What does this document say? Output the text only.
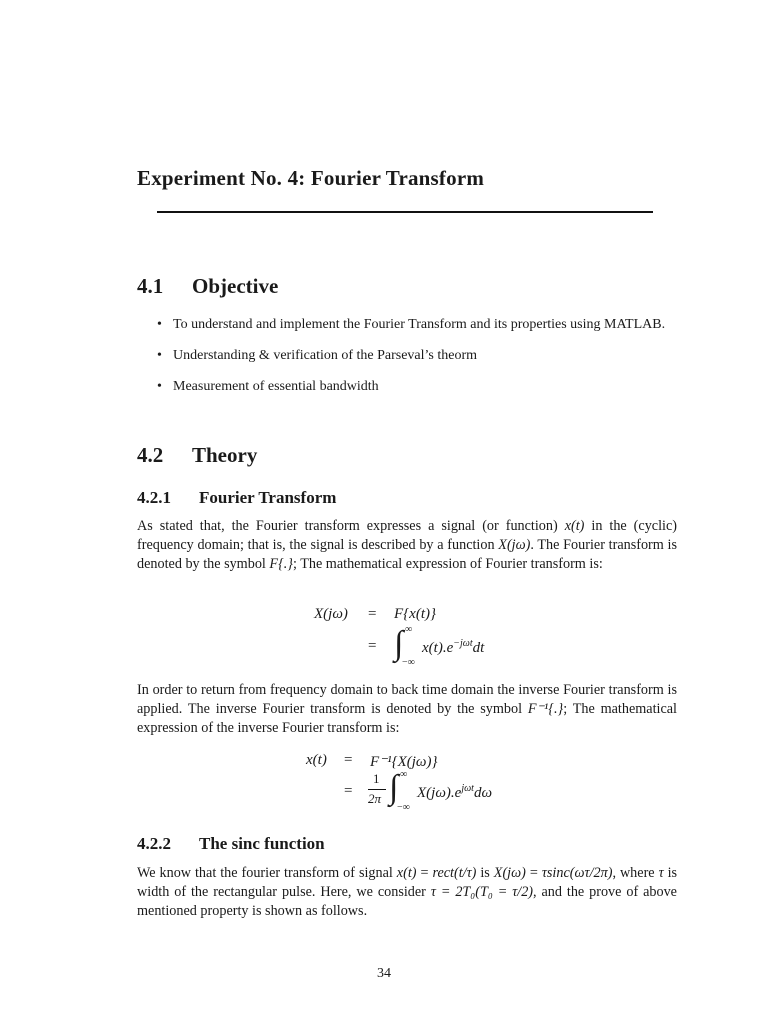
Experiment No. 4: Fourier Transform
4.1 Objective
• To understand and implement the Fourier Transform and its properties using MATLAB.
• Understanding & verification of the Parseval’s theorm
• Measurement of essential bandwidth
4.2 Theory
4.2.1 Fourier Transform

As stated that, the Fourier transform expresses a signal (or function) x(t) in the (cyclic) frequency domain; that is, the signal is described by a function X(jω). The Fourier transform is denoted by the symbol F{.}; The mathematical expression of Fourier transform is:

X(jω) = F{x(t)}
= ∫ ∞
−∞
$x(t).e^{-j\omega t}dt$

In order to return from frequency domain to back time domain the inverse Fourier transform is applied. The inverse Fourier transform is denoted by the symbol F⁻¹{.}; The mathematical expression of the inverse Fourier transform is:

x(t) = F⁻¹{X(jω)}
=
1
2π ∫ ∞
−∞
$X(j\omega).e^{j\omega t}d\omega$
4.2.2 The sinc function

We know that the fourier transform of signal x(t) = rect(t/τ) is X(jω) = τsinc(ωτ/2π), where τ is width of the rectangular pulse. Here, we consider τ = 2T₀(T₀ = τ/2), and the prove of above mentioned property is shown as follows.

34
